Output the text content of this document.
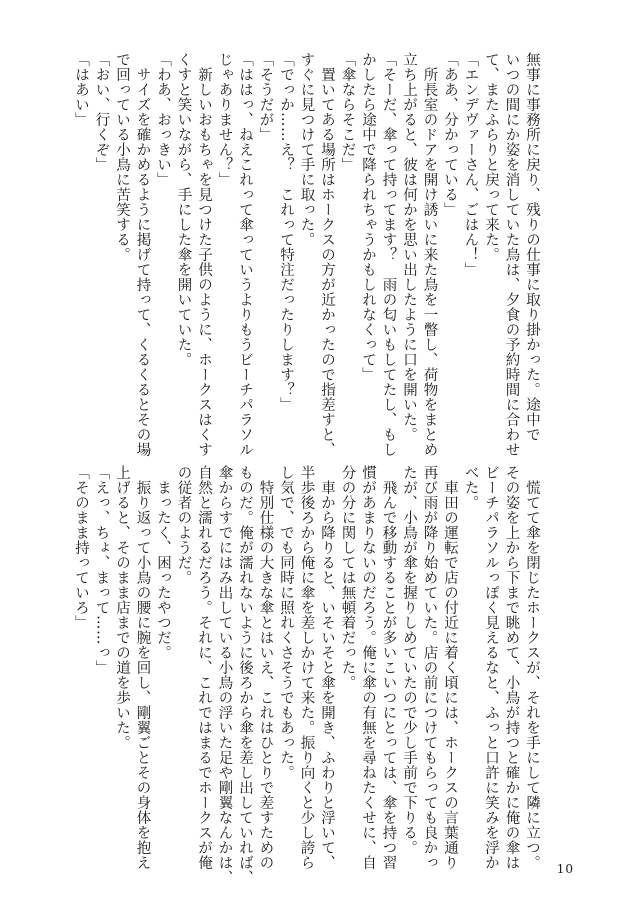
無事に事務所に戻り、残りの仕事に取り掛かった。途中で

いつの間にか姿を消していた鳥は、夕食の予約時間に合わせ

て、またふらりと戻って来た。

「エンデヴァーさん、ごはん！」

「ああ、分かっている」

　所長室のドアを開け誘いに来た鳥を一瞥し、荷物をまとめ

立ち上がると、彼は何かを思い出したように口を開いた。

「そーだ、傘って持ってます？　雨の匂いもしてたし、もし

かしたら途中で降られちゃうかもしれなくって」

「傘ならそこだ」

　置いてある場所はホークスの方が近かったので指差すと、

すぐに見つけて手に取った。

「でっか……え？　これって特注だったりします？」

「そうだが」

「ははっ、ねえこれって傘っていうよりもうビーチパラソル

じゃありません？」

　新しいおもちゃを見つけた子供のように、ホークスはくす

くすと笑いながら、手にした傘を開いていた。

「わあ、おっきい」

　サイズを確かめるように掲げて持って、くるくるとその場

で回っている小鳥に苦笑する。

「おい、行くぞ」

「はあい」

　慌てて傘を閉じたホークスが、それを手にして隣に立つ。

その姿を上から下まで眺めて、小鳥が持つと確かに俺の傘は

ビーチパラソルっぽく見えるなと、ふっと口許に笑みを浮か

べた。

　車田の運転で店の付近に着く頃には、ホークスの言葉通り

再び雨が降り始めていた。店の前につけてもらっても良かっ

たが、小鳥が傘を握りしめていたので少し手前で下りる。

　飛んで移動することが多いこいつにとっては、傘を持つ習

慣があまりないのだろう。俺に傘の有無を尋ねたくせに、自

分の分に関しては無頓着だった。

　車から降りると、いそいそと傘を開き、ふわりと浮いて、

半歩後ろから俺に傘を差しかけて来た。振り向くと少し誇ら

し気で、でも同時に照れくさそうでもあった。

　特別仕様の大きな傘とはいえ、これはひとりで差すための

ものだ。俺が濡れないように後ろから傘を差し出していれば、

傘からすでにはみ出している小鳥の浮いた足や剛翼なんかは、

自然と濡れるだろう。それに、これではまるでホークスが俺

の従者のようだ。

　まったく、困ったやつだ。

　振り返って小鳥の腰に腕を回し、剛翼ごとその身体を抱え

上げると、そのまま店までの道を歩いた。

「えっ、ちょ、まって……っ」

「そのまま持っていろ」

10
